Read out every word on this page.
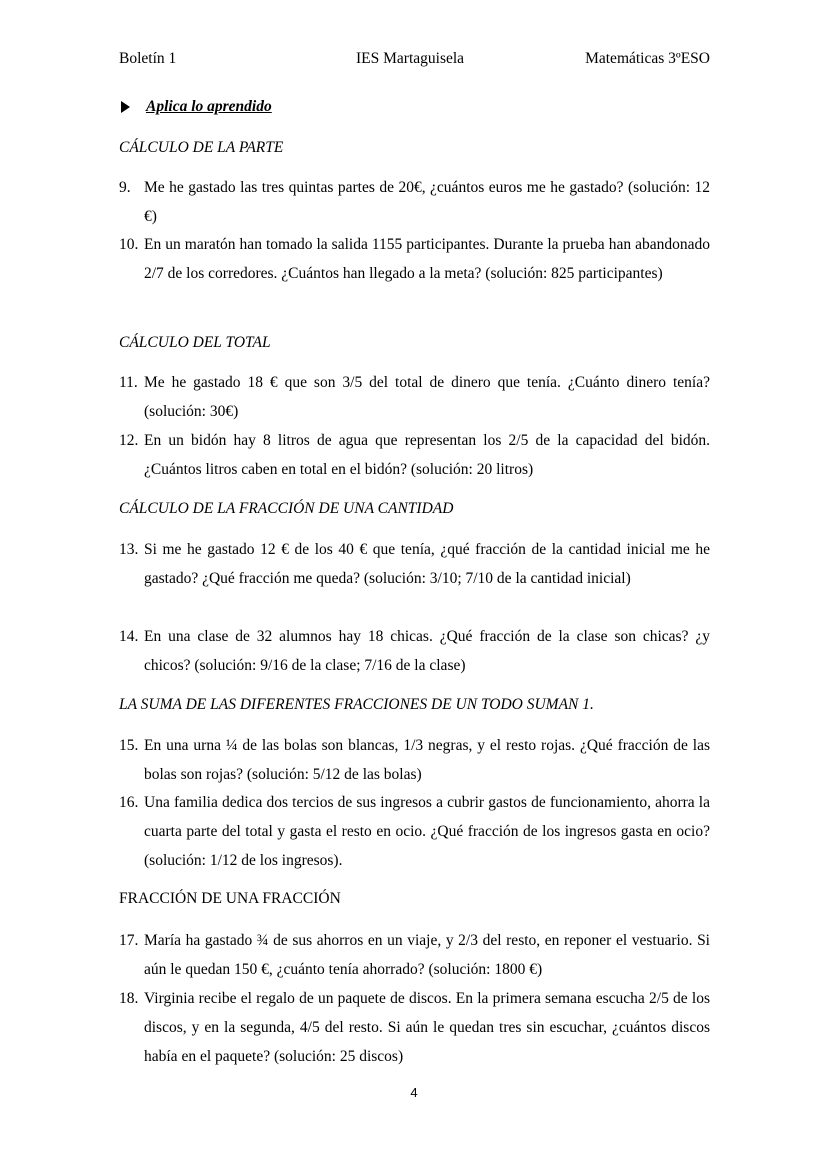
Boletín 1	IES Martaguisela	Matemáticas 3ºESO
Aplica lo aprendido
CÁLCULO DE LA PARTE
9. Me he gastado las tres quintas partes de 20€, ¿cuántos euros me he gastado? (solución: 12 €)
10. En un maratón han tomado la salida 1155 participantes. Durante la prueba han abandonado 2/7 de los corredores. ¿Cuántos han llegado a la meta? (solución: 825 participantes)
CÁLCULO DEL TOTAL
11. Me he gastado 18 € que son 3/5 del total de dinero que tenía. ¿Cuánto dinero tenía? (solución: 30€)
12. En un bidón hay 8 litros de agua que representan los 2/5 de la capacidad del bidón. ¿Cuántos litros caben en total en el bidón? (solución: 20 litros)
CÁLCULO DE LA FRACCIÓN DE UNA CANTIDAD
13. Si me he gastado 12 € de los 40 € que tenía, ¿qué fracción de la cantidad inicial me he gastado? ¿Qué fracción me queda? (solución: 3/10; 7/10 de la cantidad inicial)
14. En una clase de 32 alumnos hay 18 chicas. ¿Qué fracción de la clase son chicas? ¿y chicos? (solución: 9/16 de la clase; 7/16 de la clase)
LA SUMA DE LAS DIFERENTES FRACCIONES DE UN TODO SUMAN 1.
15. En una urna ¼ de las bolas son blancas, 1/3 negras, y el resto rojas. ¿Qué fracción de las bolas son rojas? (solución: 5/12 de las bolas)
16. Una familia dedica dos tercios de sus ingresos a cubrir gastos de funcionamiento, ahorra la cuarta parte del total y gasta el resto en ocio. ¿Qué fracción de los ingresos gasta en ocio? (solución: 1/12 de los ingresos).
FRACCIÓN DE UNA FRACCIÓN
17. María ha gastado ¾ de sus ahorros en un viaje, y 2/3 del resto, en reponer el vestuario. Si aún le quedan 150 €, ¿cuánto tenía ahorrado? (solución: 1800 €)
18. Virginia recibe el regalo de un paquete de discos. En la primera semana escucha 2/5 de los discos, y en la segunda, 4/5 del resto. Si aún le quedan tres sin escuchar, ¿cuántos discos había en el paquete? (solución: 25 discos)
4
